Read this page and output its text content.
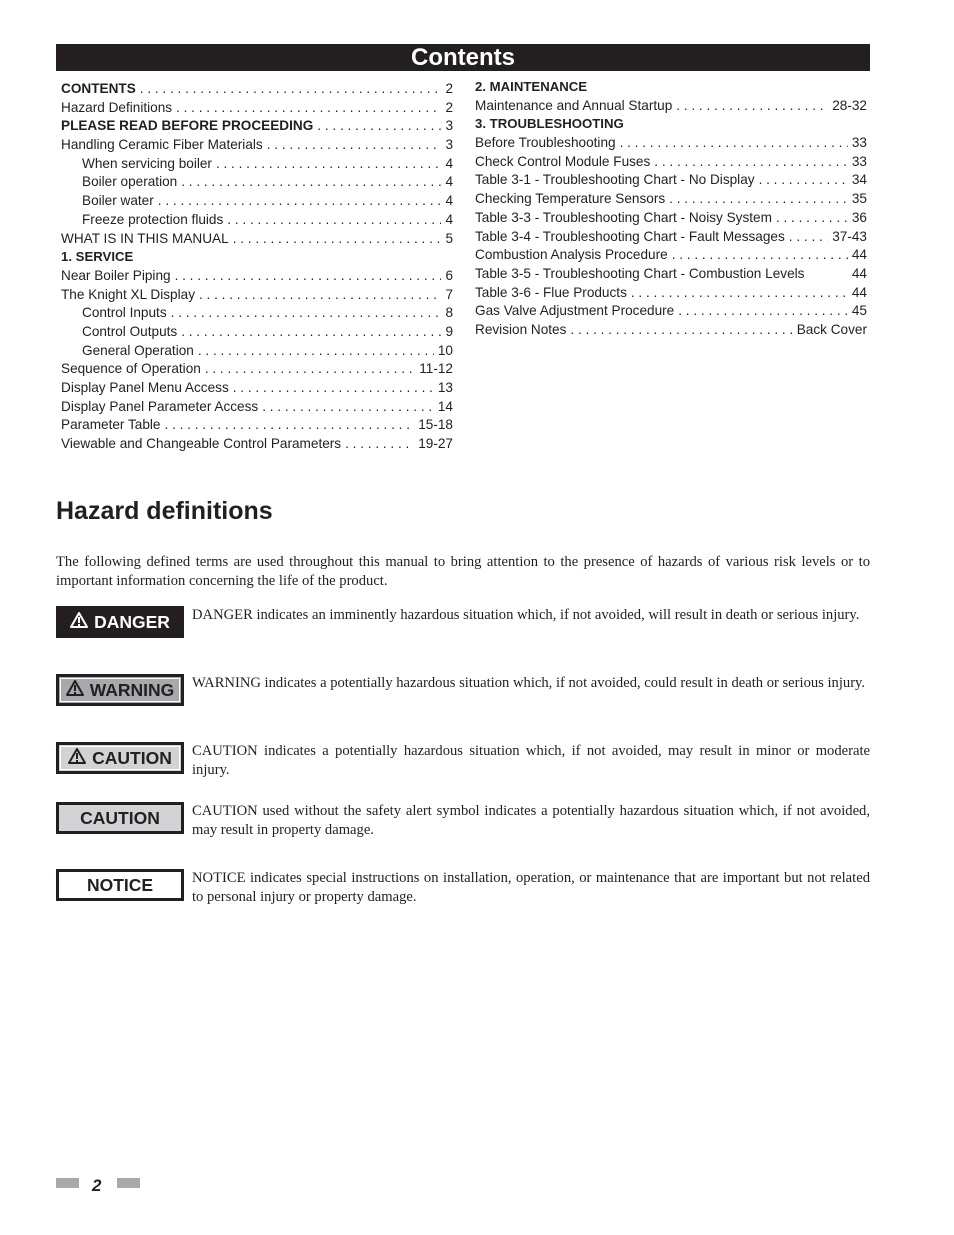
Contents
CONTENTS . . .	2
Hazard Definitions . . .	2
PLEASE READ BEFORE PROCEEDING . . .	3
Handling Ceramic Fiber Materials . . .	3
When servicing boiler . . .	4
Boiler operation . . .	4
Boiler water . . .	4
Freeze protection fluids . . .	4
WHAT IS IN THIS MANUAL . . .	5
1. SERVICE
Near Boiler Piping . . .	6
The Knight XL Display . . .	7
Control Inputs . . .	8
Control Outputs . . .	9
General Operation . . .	10
Sequence of Operation . . .	11-12
Display Panel Menu Access . . .	13
Display Panel Parameter Access . . .	14
Parameter Table . . .	15-18
Viewable and Changeable Control Parameters . . .	19-27
2. MAINTENANCE
Maintenance and Annual Startup . . .	28-32
3. TROUBLESHOOTING
Before Troubleshooting . . .	33
Check Control Module Fuses . . .	33
Table 3-1 - Troubleshooting Chart - No Display . . .	34
Checking Temperature Sensors . . .	35
Table 3-3 - Troubleshooting Chart - Noisy System . . .	36
Table 3-4 - Troubleshooting Chart - Fault Messages . . .	37-43
Combustion Analysis Procedure . . .	44
Table 3-5 - Troubleshooting Chart - Combustion Levels	44
Table 3-6 - Flue Products . . .	44
Gas Valve Adjustment Procedure . . .	45
Revision Notes . . .	Back Cover
Hazard definitions
The following defined terms are used throughout this manual to bring attention to the presence of hazards of various risk levels or to important information concerning the life of the product.
DANGER DANGER indicates an imminently hazardous situation which, if not avoided, will result in death or serious injury.
WARNING WARNING indicates a potentially hazardous situation which, if not avoided, could result in death or serious injury.
CAUTION CAUTION indicates a potentially hazardous situation which, if not avoided, may result in minor or moderate injury.
CAUTION CAUTION used without the safety alert symbol indicates a potentially hazardous situation which, if not avoided, may result in property damage.
NOTICE	NOTICE indicates special instructions on installation, operation, or maintenance that are important but not related to personal injury or property damage.
2
